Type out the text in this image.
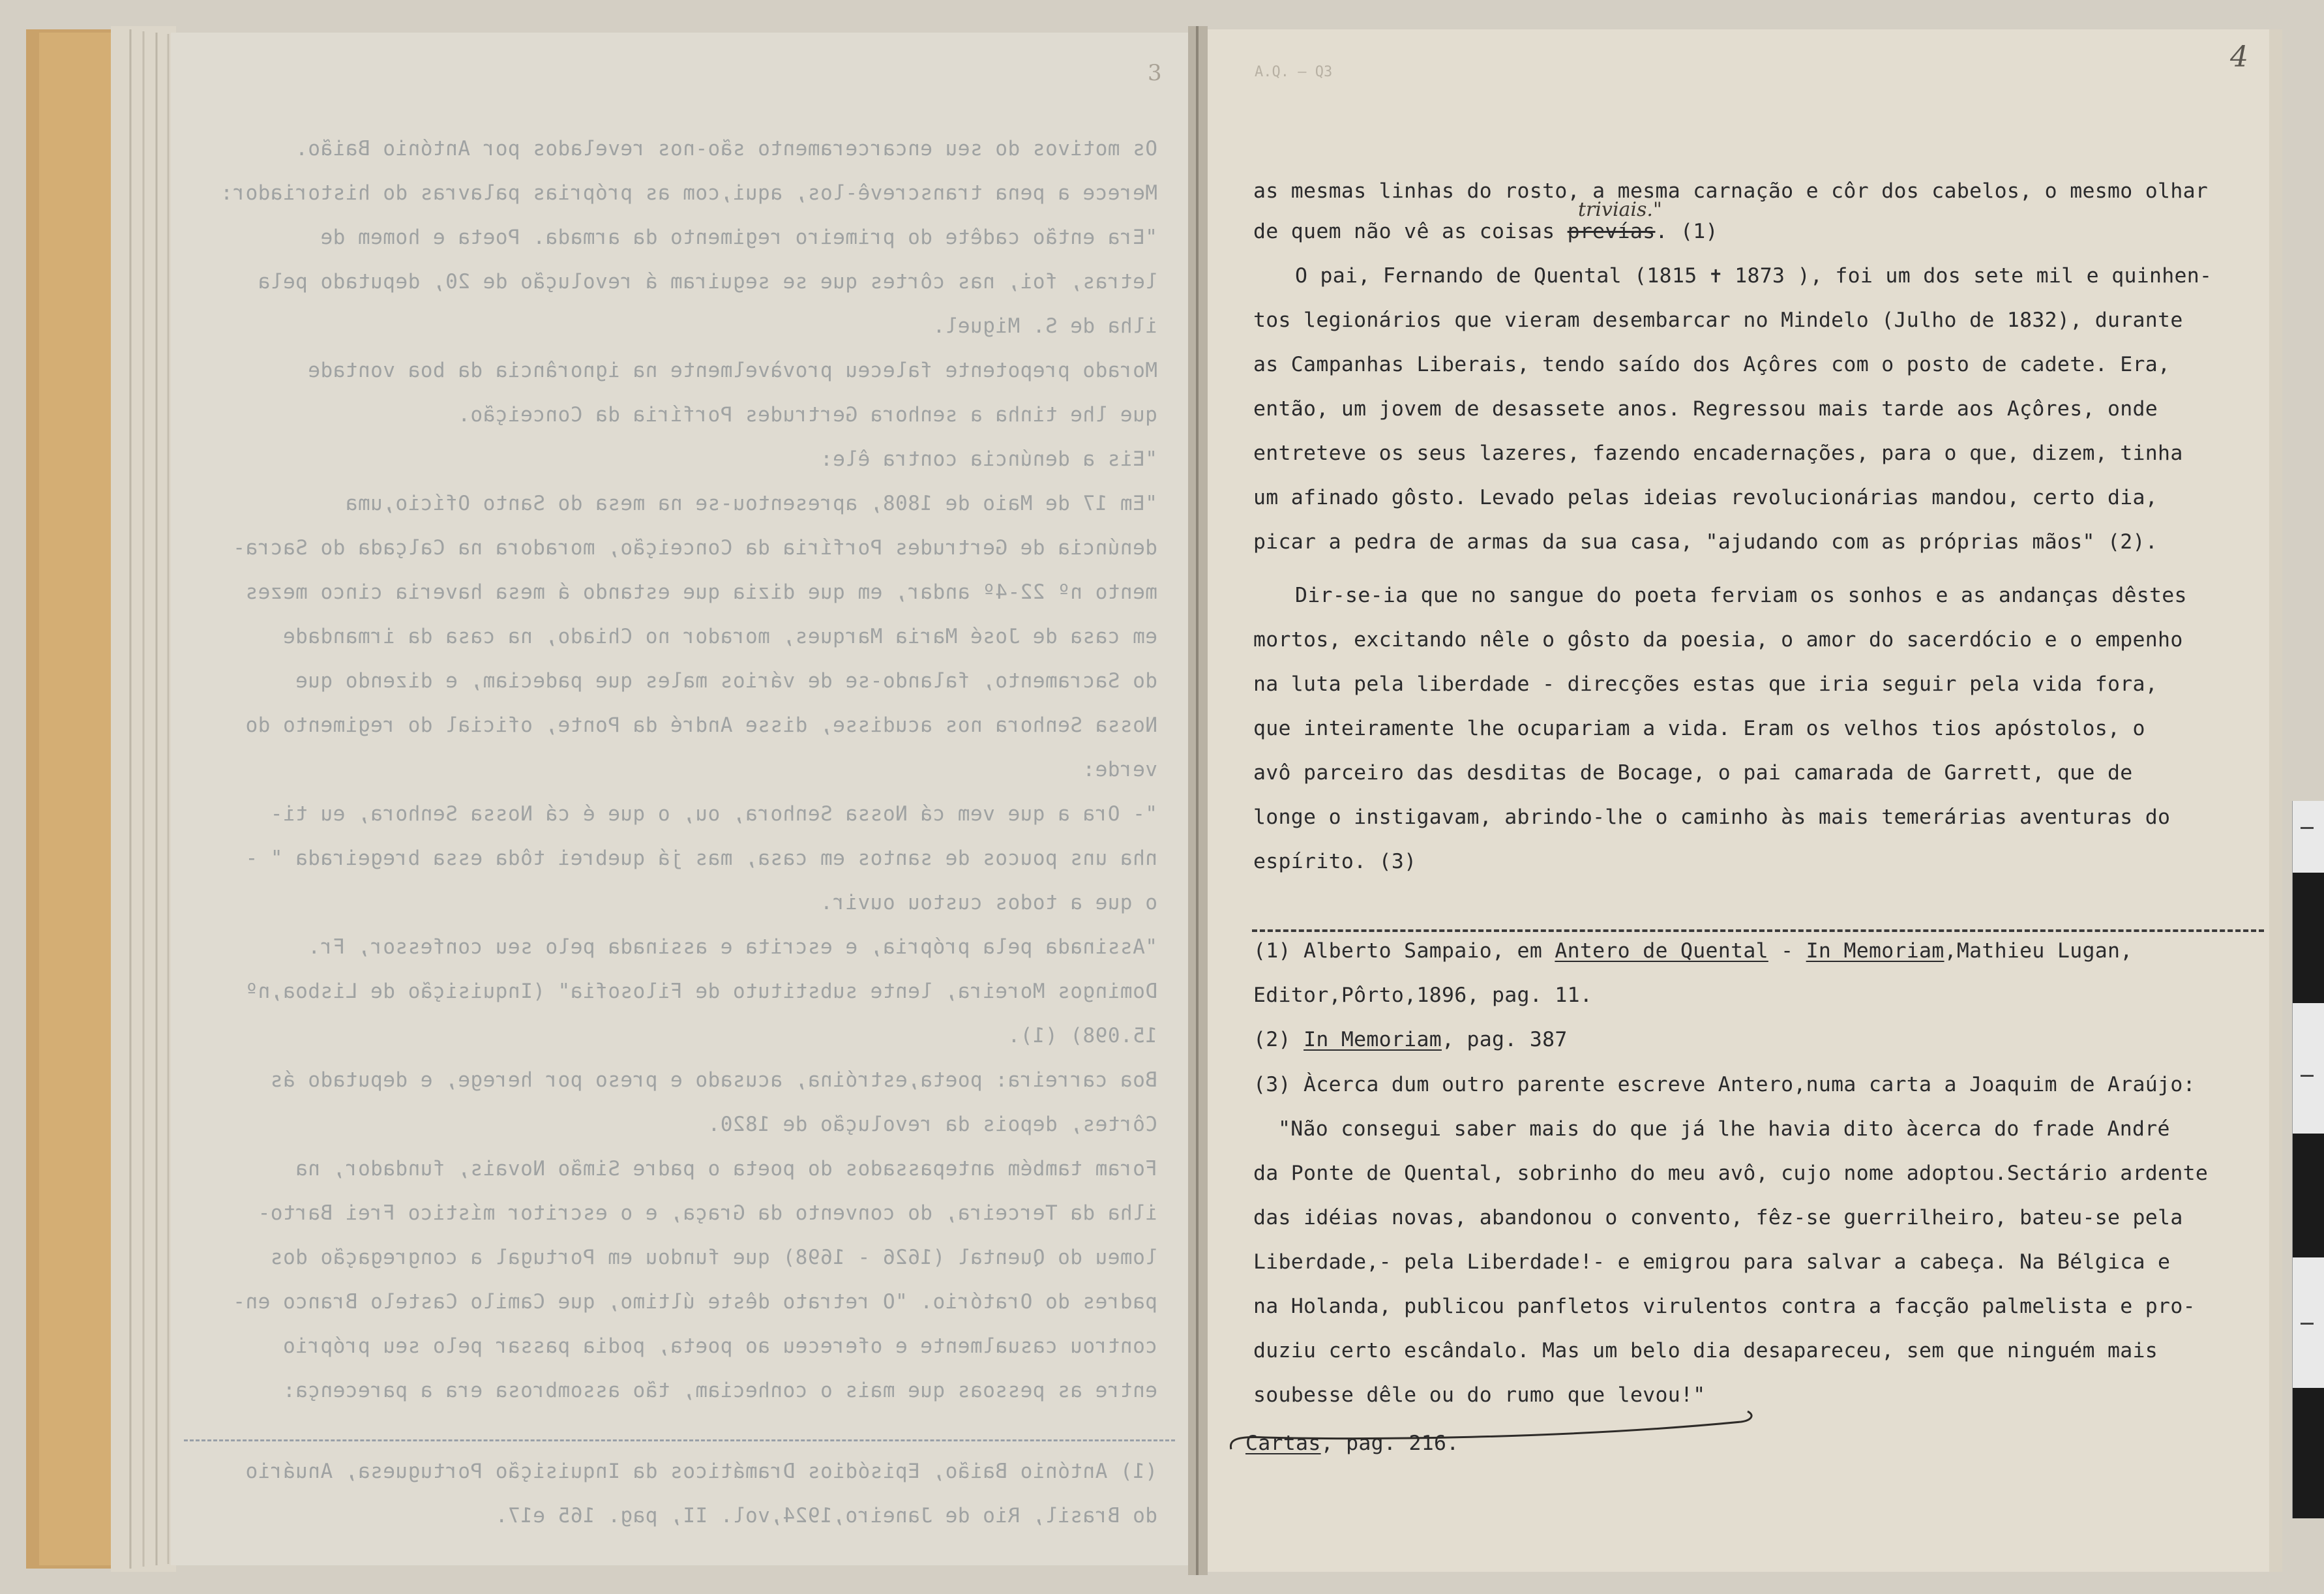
3
Os motivos do seu encarceramento são-nos revelados por António Baião.
Merece a pena transcrevê-los, aqui,com as próprias palavras do historiador:
"Era então cadête do primeiro regimento da armada. Poeta e homem de
letras, foi, nas côrtes que se seguiram á revolução de 20, deputado pela
ilha de S. Miguel.
Morado prepotente faleceu provàvelmente na ignorância da boa vontade
que lhe tinha a senhora Gertrudes Porfíria da Conceição.
"Eis a denúncia contra êle:
"Em 17 de Maio de 1808, apresentou-se na mesa do Santo Ofício,uma
denúncia de Gertrudes Porfíria da Conceição, moradora na Calçada do Sacra-
mento nº 22-4º andar, em que dizia que estando á mesa haveria cinco mezes
em casa de José Maria Marques, morador no Chiado, na casa da irmandade
do Sacramento, falando-se de vários males que padeciam, e dizendo que
Nossa Senhora nos acudisse, disse André da Ponte, oficial do regimento do
verde:
"- Ora a que vem cá Nossa Senhora, ou, o que é cá Nossa Senhora, eu ti-
nha uns poucos de santos em casa, mas já quebrei tôda essa bregeirada " -
o que a todos custou ouvir.
"Assinada pela própria, e escrita e assinada pelo seu confessor, Fr.
Domingos Moreira, lente substituto de Filosofia" (Inquisição de Lisboa,nº
15.098) (1).
Boa carreira: poeta,estróina, acusado e preso por herege, e deputado ás
Côrtes, depois da revolução de 1820.
Foram também antepassados do poeta o padre Simão Novais, fundador, na
ilha da Terceira, do convento da Graça, e o escritor místico Frei Barto-
lomeu do Quental (1626 - 1698) que fundou em Portugal a congregação dos
padres do Oratório. "O retrato dêste último, que Camilo Castelo Branco en-
controu casualmente e ofereceu ao poeta, podia passar pelo seu próprio
entre as pessoas que mais o conheciam, tão assombrosa era a parecença:
(1) António Baião, Episódios Dramáticos da Inquisição Portuguesa, Anuário
do Brasil, Rio de Janeiro,1924,vol. II, pag. 165 e17.
A.Q. – Q3	4
triviais."
as mesmas linhas do rosto, a mesma carnação e côr dos cabelos, o mesmo olhar
de quem não vê as coisas prevías. (1)
O pai, Fernando de Quental (1815 ✝ 1873 ), foi um dos sete mil e quinhen-
tos legionários que vieram desembarcar no Mindelo (Julho de 1832), durante
as Campanhas Liberais, tendo saído dos Açôres com o posto de cadete. Era,
então, um jovem de desassete anos. Regressou mais tarde aos Açôres, onde
entreteve os seus lazeres, fazendo encadernações, para o que, dizem, tinha
um afinado gôsto. Levado pelas ideias revolucionárias mandou, certo dia,
picar a pedra de armas da sua casa, "ajudando com as próprias mãos" (2).
Dir-se-ia que no sangue do poeta ferviam os sonhos e as andanças dêstes
mortos, excitando nêle o gôsto da poesia, o amor do sacerdócio e o empenho
na luta pela liberdade - direcções estas que iria seguir pela vida fora,
que inteiramente lhe ocupariam a vida. Eram os velhos tios apóstolos, o
avô parceiro das desditas de Bocage, o pai camarada de Garrett, que de
longe o instigavam, abrindo-lhe o caminho às mais temerárias aventuras do
espírito. (3)
(1) Alberto Sampaio, em Antero de Quental - In Memoriam,Mathieu Lugan,
Editor,Pôrto,1896, pag. 11.
(2) In Memoriam, pag. 387
(3) Àcerca dum outro parente escreve Antero,numa carta a Joaquim de Araújo:
"Não consegui saber mais do que já lhe havia dito àcerca do frade André
da Ponte de Quental, sobrinho do meu avô, cujo nome adoptou.Sectário ardente
das idéias novas, abandonou o convento, fêz-se guerrilheiro, bateu-se pela
Liberdade,- pela Liberdade!- e emigrou para salvar a cabeça. Na Bélgica e
na Holanda, publicou panfletos virulentos contra a facção palmelista e pro-
duziu certo escândalo. Mas um belo dia desapareceu, sem que ninguém mais
soubesse dêle ou do rumo que levou!"
Cartas, pag. 216.
